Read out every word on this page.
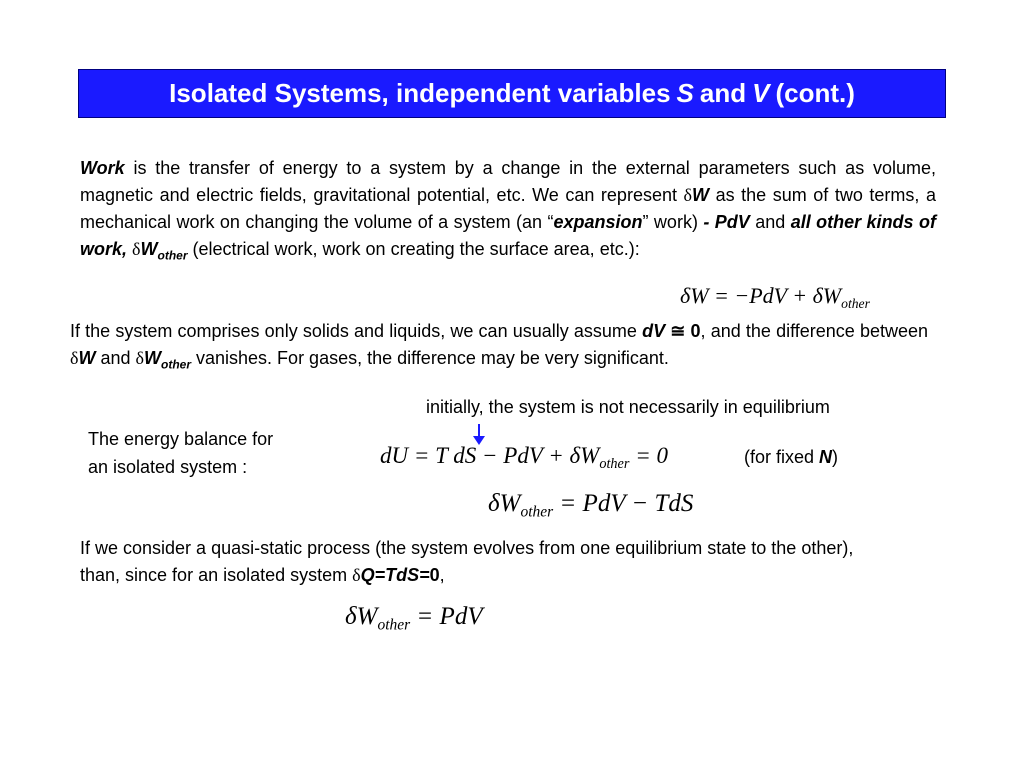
Isolated Systems, independent variables S and V (cont.)
Work is the transfer of energy to a system by a change in the external parameters such as volume, magnetic and electric fields, gravitational potential, etc. We can represent δW as the sum of two terms, a mechanical work on changing the volume of a system (an “expansion” work) - PdV and all other kinds of work, $\delta W_{other}$ (electrical work, work on creating the surface area, etc.):
$\delta W = -PdV + \delta W_{other}$
If the system comprises only solids and liquids, we can usually assume dV ≅ 0, and the difference between δW and $\delta W_{other}$ vanishes. For gases, the difference may be very significant.
initially, the system is not necessarily in equilibrium
The energy balance for
an isolated system :	dU = T dS − PdV + $\delta W_{other} = 0$	(for fixed N)
$\delta W_{other}$ = PdV − TdS
If we consider a quasi-static process (the system evolves from one equilibrium state to the other), than, since for an isolated system δQ=TdS=0,
$\delta W_{other}$ = PdV
